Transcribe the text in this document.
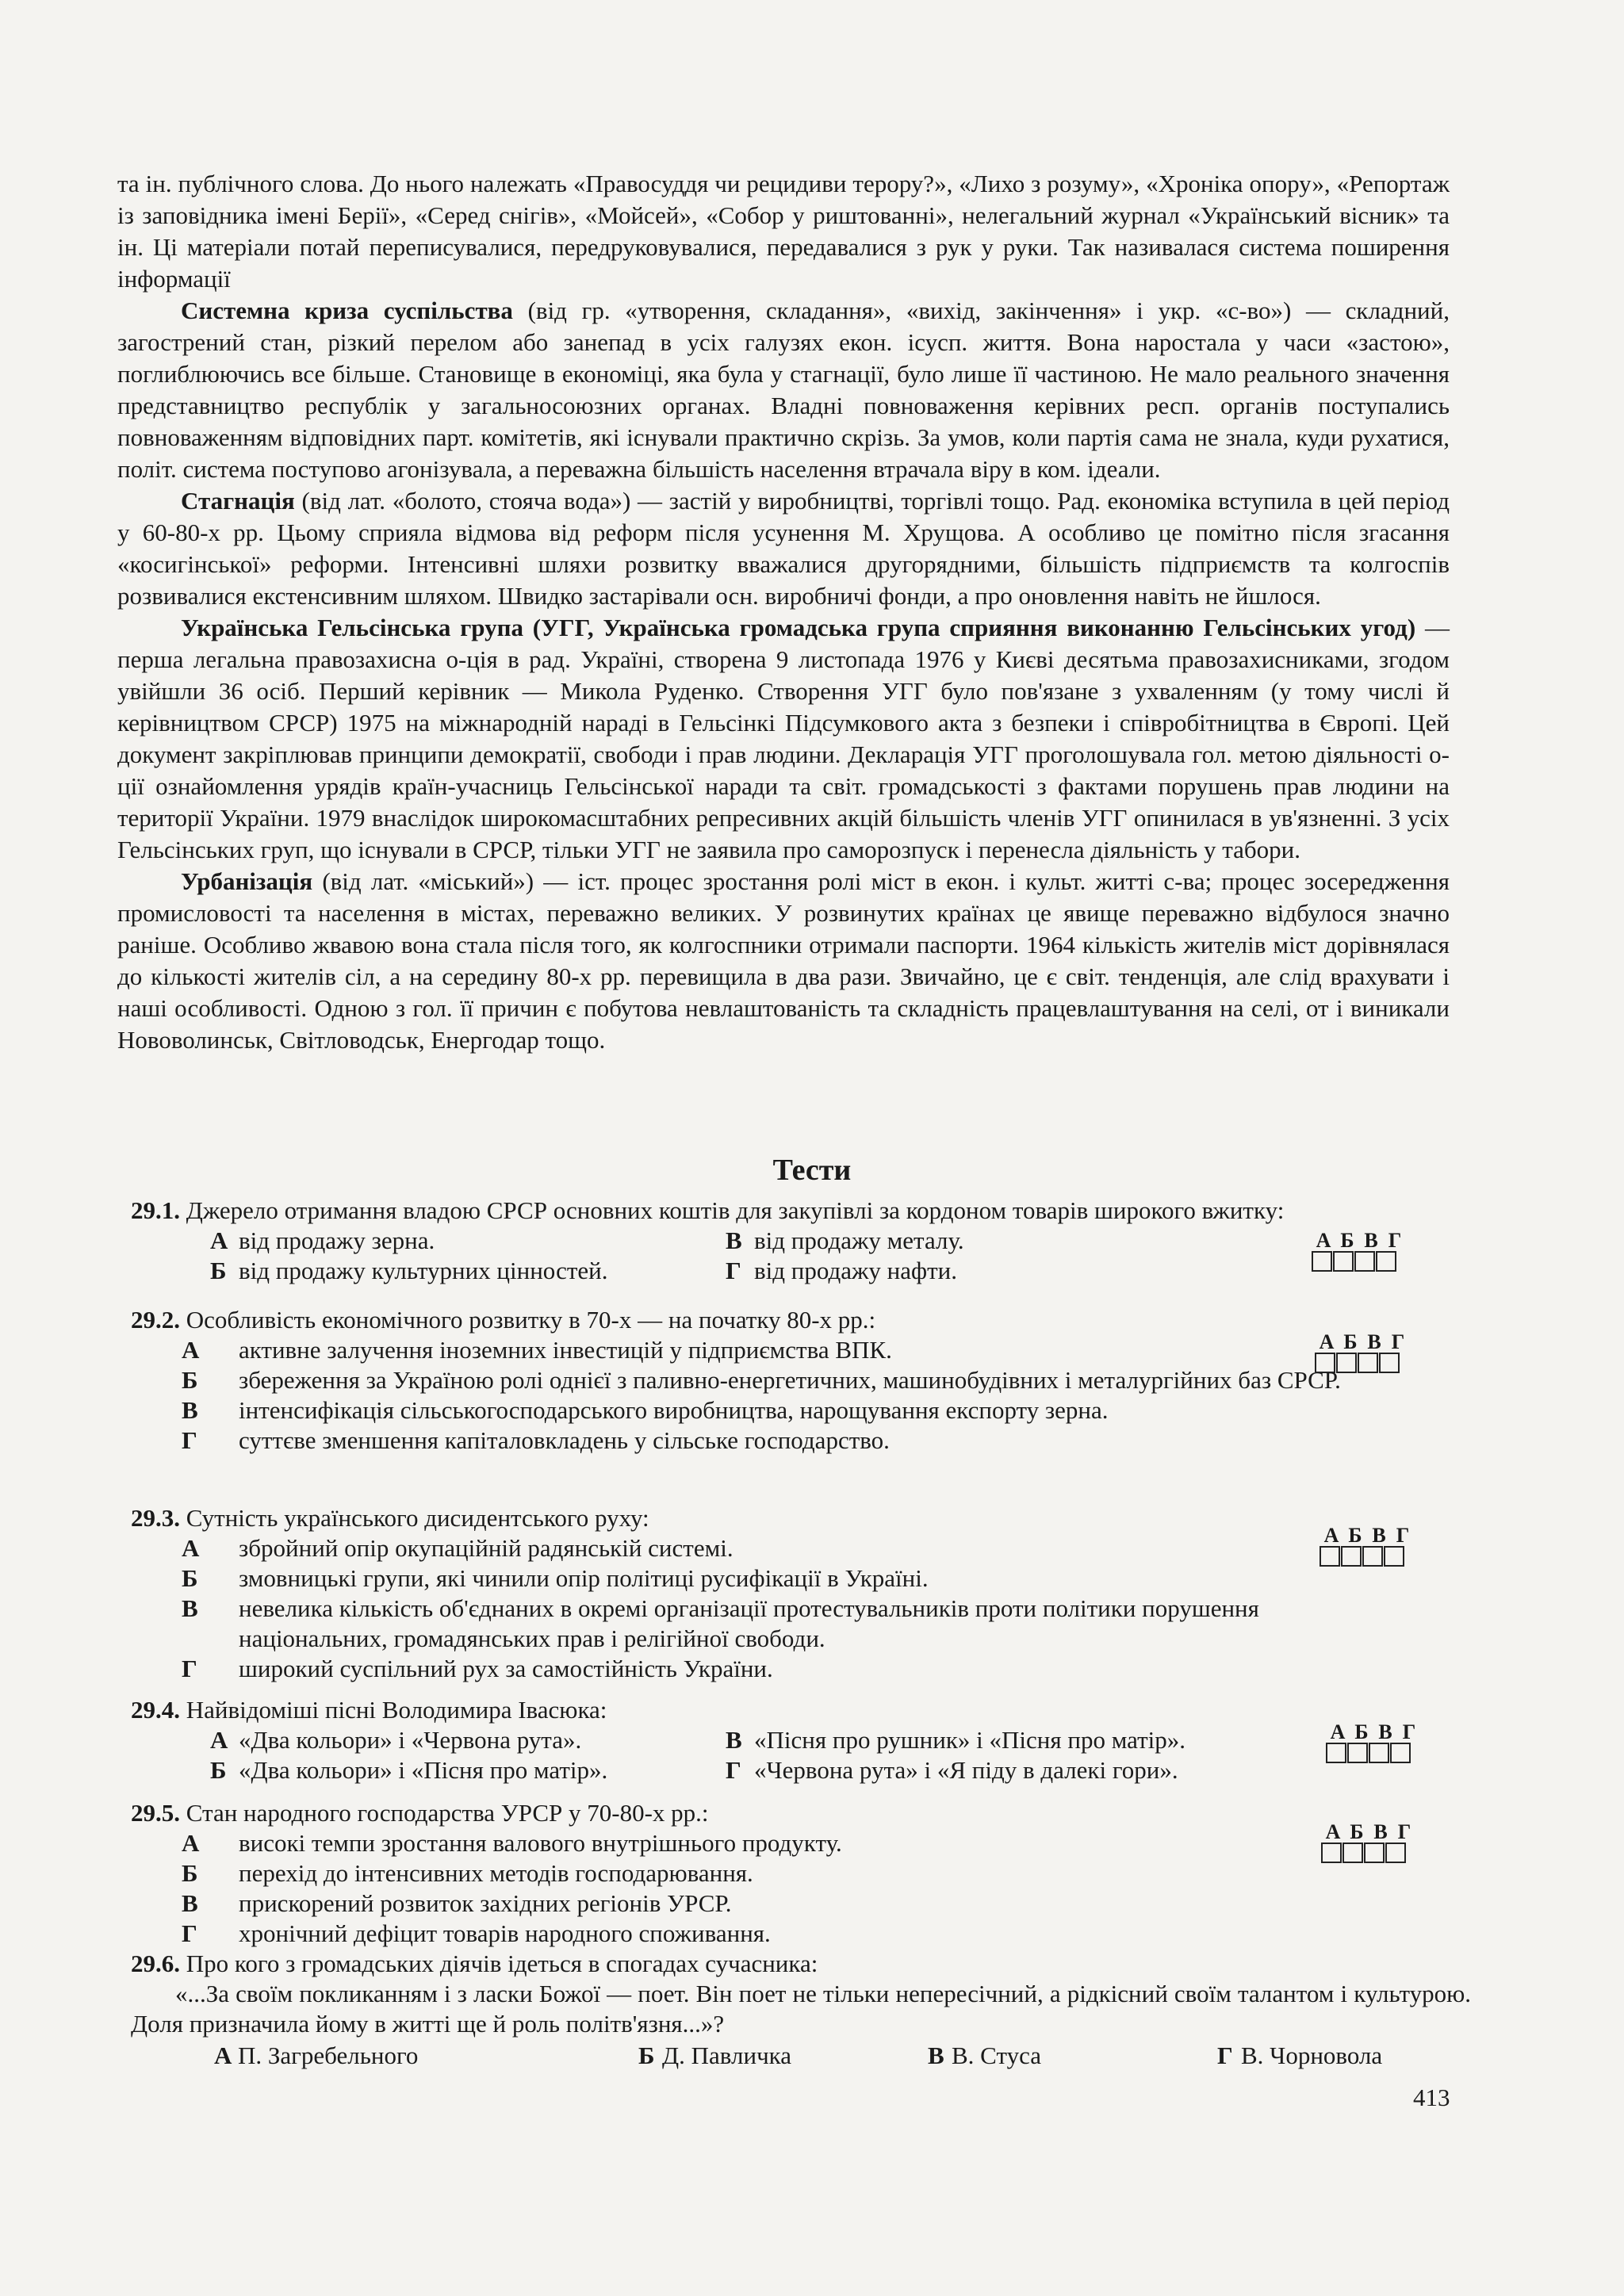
та ін. публічного слова. До нього належать «Правосуддя чи рецидиви терору?», «Лихо з розуму», «Хроніка опору», «Репортаж із заповідника імені Берії», «Серед снігів», «Мойсей», «Собор у риштованні», нелегальний журнал «Український вісник» та ін. Ці матеріали потай переписувалися, передруковувалися, передавалися з рук у руки. Так називалася система поширення інформації

Системна криза суспільства (від гр. «утворення, складання», «вихід, закінчення» і укр. «с-во») — складний, загострений стан, різкий перелом або занепад в усіх галузях екон. ісусп. життя. Вона наростала у часи «застою», поглиблюючись все більше. Становище в економіці, яка була у стагнації, було лише її частиною. Не мало реального значення представництво республік у загальносоюзних органах. Владні повноваження керівних респ. органів поступались повноваженням відповідних парт. комітетів, які існували практично скрізь. За умов, коли партія сама не знала, куди рухатися, політ. система поступово агонізувала, а переважна більшість населення втрачала віру в ком. ідеали.

Стагнація (від лат. «болото, стояча вода») — застій у виробництві, торгівлі тощо. Рад. економіка вступила в цей період у 60-80-х рр. Цьому сприяла відмова від реформ після усунення М. Хрущова. А особливо це помітно після згасання «косигінської» реформи. Інтенсивні шляхи розвитку вважалися другорядними, більшість підприємств та колгоспів розвивалися екстенсивним шляхом. Швидко застарівали осн. виробничі фонди, а про оновлення навіть не йшлося.

Українська Гельсінська група (УГГ, Українська громадська група сприяння виконанню Гельсінських угод) — перша легальна правозахисна о-ція в рад. Україні, створена 9 листопада 1976 у Києві десятьма правозахисниками, згодом увійшли 36 осіб. Перший керівник — Микола Руденко. Створення УГГ було пов'язане з ухваленням (у тому числі й керівництвом СРСР) 1975 на міжнародній нараді в Гельсінкі Підсумкового акта з безпеки і співробітництва в Європі. Цей документ закріплював принципи демократії, свободи і прав людини. Декларація УГГ проголошувала гол. метою діяльності о-ції ознайомлення урядів країн-учасниць Гельсінської наради та світ. громадськості з фактами порушень прав людини на території України. 1979 внаслідок широкомасштабних репресивних акцій більшість членів УГГ опинилася в ув'язненні. З усіх Гельсінських груп, що існували в СРСР, тільки УГГ не заявила про саморозпуск і перенесла діяльність у табори.

Урбанізація (від лат. «міський») — іст. процес зростання ролі міст в екон. і культ. житті с-ва; процес зосередження промисловості та населення в містах, переважно великих. У розвинутих країнах це явище переважно відбулося значно раніше. Особливо жвавою вона стала після того, як колгоспники отримали паспорти. 1964 кількість жителів міст дорівнялася до кількості жителів сіл, а на середину 80-х рр. перевищила в два рази. Звичайно, це є світ. тенденція, але слід врахувати і наші особливості. Одною з гол. її причин є побутова невлаштованість та складність працевлаштування на селі, от і виникали Нововолинськ, Світловодськ, Енергодар тощо.

Тести

29.1. Джерело отримання владою СРСР основних коштів для закупівлі за кордоном товарів широкого вжитку:

А від продажу зерна.	В від продажу металу.
Б від продажу культурних цінностей.	Г від продажу нафти.
А Б В Г

29.2. Особливість економічного розвитку в 70-х — на початку 80-х рр.:

А активне залучення іноземних інвестицій у підприємства ВПК.
Б збереження за Україною ролі однієї з паливно-енергетичних, машинобудівних і металургійних баз СРСР.
В інтенсифікація сільськогосподарського виробництва, нарощування експорту зерна.
Г суттєве зменшення капіталовкладень у сільське господарство.
А Б В Г

29.3. Сутність українського дисидентського руху:

А збройний опір окупаційній радянській системі.
Б змовницькі групи, які чинили опір політиці русифікації в Україні.
В невелика кількість об'єднаних в окремі організації протестувальників проти політики порушення національних, громадянських прав і релігійної свободи.
Г широкий суспільний рух за самостійність України.
А Б В Г

29.4. Найвідоміші пісні Володимира Івасюка:

А «Два кольори» і «Червона рута».	В «Пісня про рушник» і «Пісня про матір».
Б «Два кольори» і «Пісня про матір».	Г «Червона рута» і «Я піду в далекі гори».
А Б В Г

29.5. Стан народного господарства УРСР у 70-80-х рр.:

А високі темпи зростання валового внутрішнього продукту.
Б перехід до інтенсивних методів господарювання.
В прискорений розвиток західних регіонів УРСР.
Г хронічний дефіцит товарів народного споживання.
А Б В Г

29.6. Про кого з громадських діячів ідеться в спогадах сучасника:

«...За своїм покликанням і з ласки Божої — поет. Він поет не тільки непересічний, а рідкісний своїм талантом і культурою. Доля призначила йому в житті ще й роль політв'язня...»?

А П. Загребельного	Б Д. Павличка	В В. Стуса	Г В. Чорновола
413
